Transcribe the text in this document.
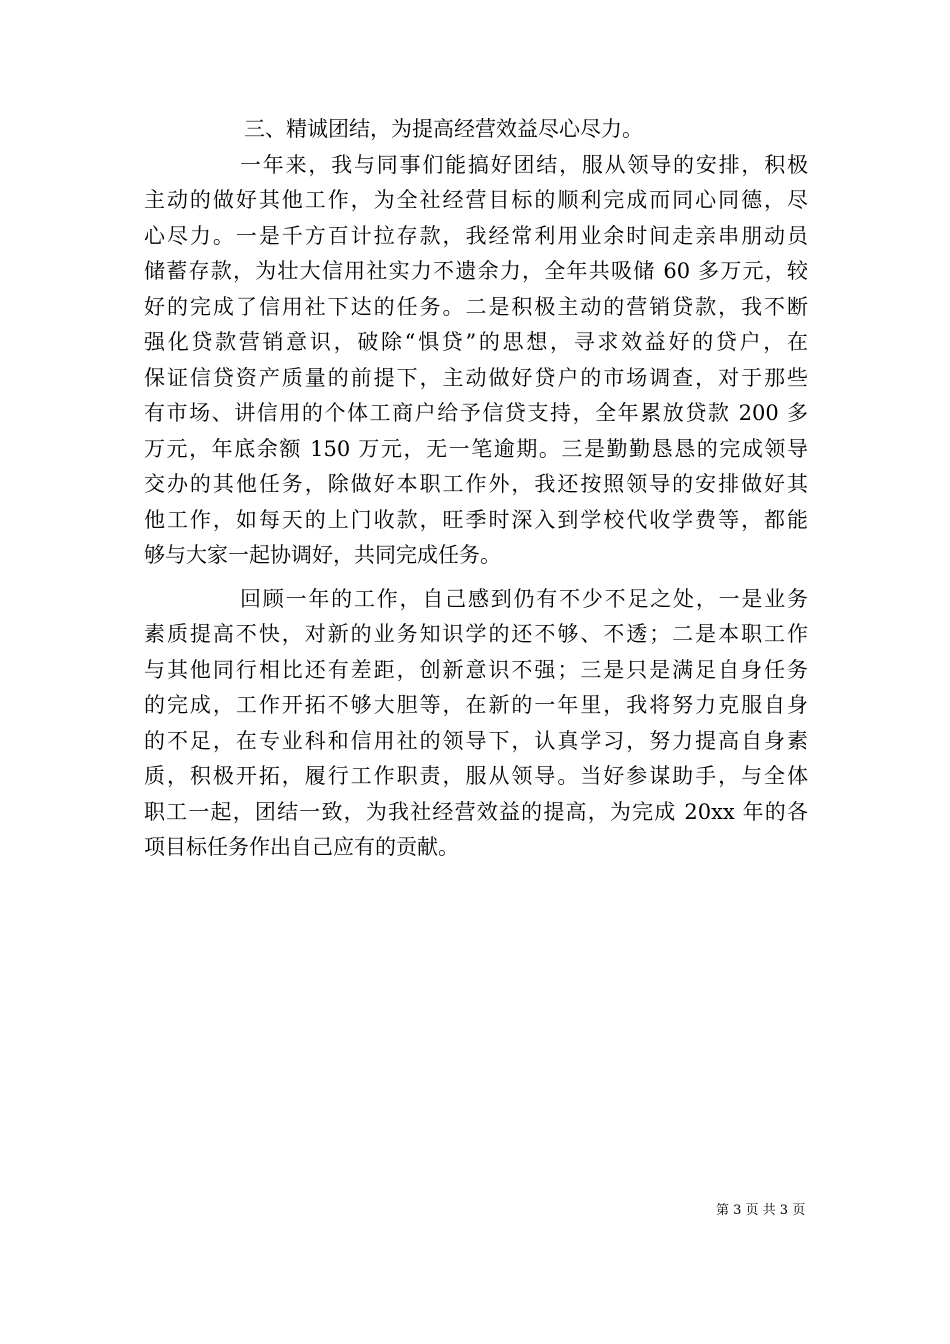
三、精诚团结，为提高经营效益尽心尽力。
一年来，我与同事们能搞好团结，服从领导的安排，积极
主动的做好其他工作，为全社经营目标的顺利完成而同心同德，尽
心尽力。一是千方百计拉存款，我经常利用业余时间走亲串朋动员
储蓄存款，为壮大信用社实力不遗余力，全年共吸储 60 多万元，较
好的完成了信用社下达的任务。二是积极主动的营销贷款，我不断
强化贷款营销意识，破除“惧贷”的思想，寻求效益好的贷户，在
保证信贷资产质量的前提下，主动做好贷户的市场调查，对于那些
有市场、讲信用的个体工商户给予信贷支持，全年累放贷款 200 多
万元，年底余额 150 万元，无一笔逾期。三是勤勤恳恳的完成领导
交办的其他任务，除做好本职工作外，我还按照领导的安排做好其
他工作，如每天的上门收款，旺季时深入到学校代收学费等，都能
够与大家一起协调好，共同完成任务。
回顾一年的工作，自己感到仍有不少不足之处，一是业务
素质提高不快，对新的业务知识学的还不够、不透；二是本职工作
与其他同行相比还有差距，创新意识不强；三是只是满足自身任务
的完成，工作开拓不够大胆等，在新的一年里，我将努力克服自身
的不足，在专业科和信用社的领导下，认真学习，努力提高自身素
质，积极开拓，履行工作职责，服从领导。当好参谋助手，与全体
职工一起，团结一致，为我社经营效益的提高，为完成 20xx 年的各
项目标任务作出自己应有的贡献。
第 3 页 共 3 页
